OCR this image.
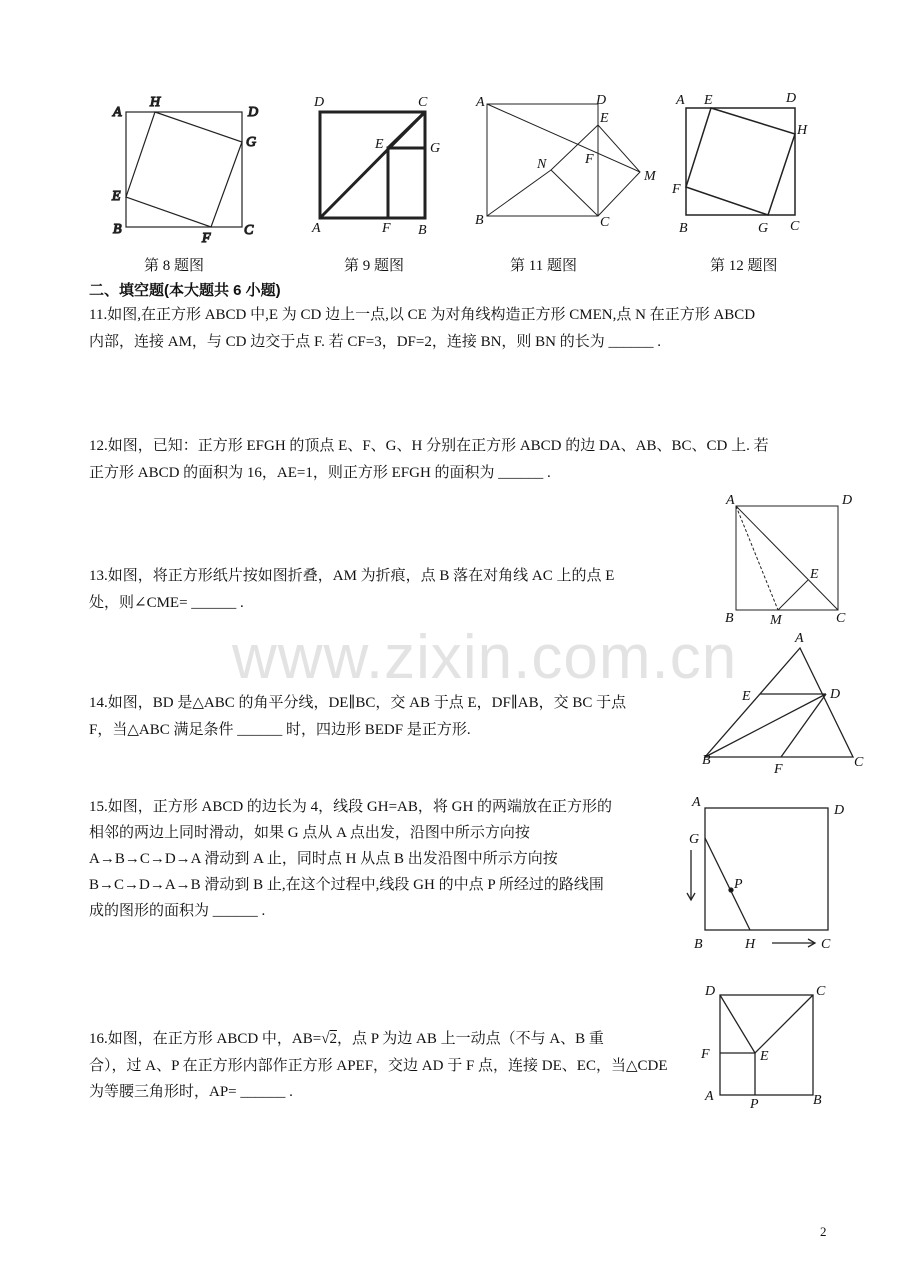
www.zixin.com.cn
A
H
D
G
E
B
F
C
D	C
E	G
A	F B
A	D
E
N	F
M
B	C
A E	D
H
F
B	G C
A	D
E
B	M	C
A
E	D
B
F	C
A
D
G
P
B	H	C
D	C
F	E
A
P	B
第 8 题图	第 9 题图	第 11 题图	第 12 题图
二、填空题(本大题共 6 小题)
11.如图,在正方形 ABCD 中,E 为 CD 边上一点,以 CE 为对角线构造正方形 CMEN,点 N 在正方形 ABCD
内部，连接 AM，与 CD 边交于点 F. 若 CF=3，DF=2，连接 BN，则 BN 的长为 ______ .
12.如图，已知：正方形 EFGH 的顶点 E、F、G、H 分别在正方形 ABCD 的边 DA、AB、BC、CD 上. 若
正方形 ABCD 的面积为 16，AE=1，则正方形 EFGH 的面积为 ______ .
13.如图，将正方形纸片按如图折叠，AM 为折痕，点 B 落在对角线 AC 上的点 E
处，则∠CME= ______ .
14.如图，BD 是△ABC 的角平分线，DE∥BC，交 AB 于点 E，DF∥AB，交 BC 于点
F，当△ABC 满足条件 ______ 时，四边形 BEDF 是正方形.
15.如图，正方形 ABCD 的边长为 4，线段 GH=AB，将 GH 的两端放在正方形的
相邻的两边上同时滑动，如果 G 点从 A 点出发，沿图中所示方向按
A→B→C→D→A 滑动到 A 止，同时点 H 从点 B 出发沿图中所示方向按
B→C→D→A→B 滑动到 B 止,在这个过程中,线段 GH 的中点 P 所经过的路线围
成的图形的面积为 ______ .
16.如图，在正方形 ABCD 中，AB=√2，点 P 为边 AB 上一动点（不与 A、B 重
合），过 A、P 在正方形内部作正方形 APEF，交边 AD 于 F 点，连接 DE、EC，当△CDE
为等腰三角形时，AP= ______ .
2
